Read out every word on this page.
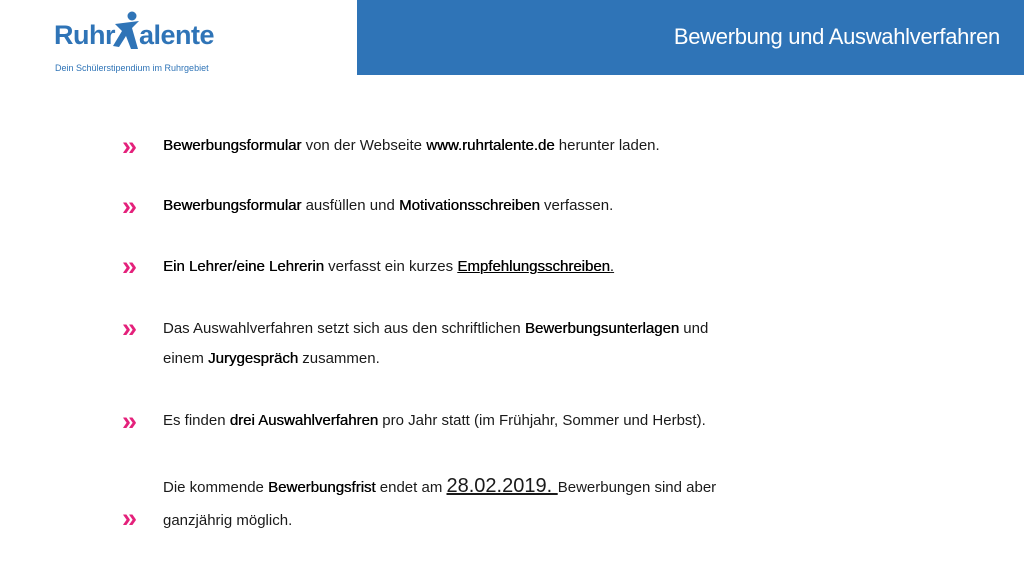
Ruhr alente
Dein Schülerstipendium im Ruhrgebiet
Bewerbung und Auswahlverfahren
» Bewerbungsformular von der Webseite www.ruhrtalente.de herunter laden.
» Bewerbungsformular ausfüllen und Motivationsschreiben verfassen.
» Ein Lehrer/eine Lehrerin verfasst ein kurzes Empfehlungsschreiben.
» Das Auswahlverfahren setzt sich aus den schriftlichen Bewerbungsunterlagen und
einem Jurygespräch zusammen.
» Es finden drei Auswahlverfahren pro Jahr statt (im Frühjahr, Sommer und Herbst).
Die kommende Bewerbungsfrist endet am 28.02.2019. Bewerbungen sind aber
» ganzjährig möglich.
